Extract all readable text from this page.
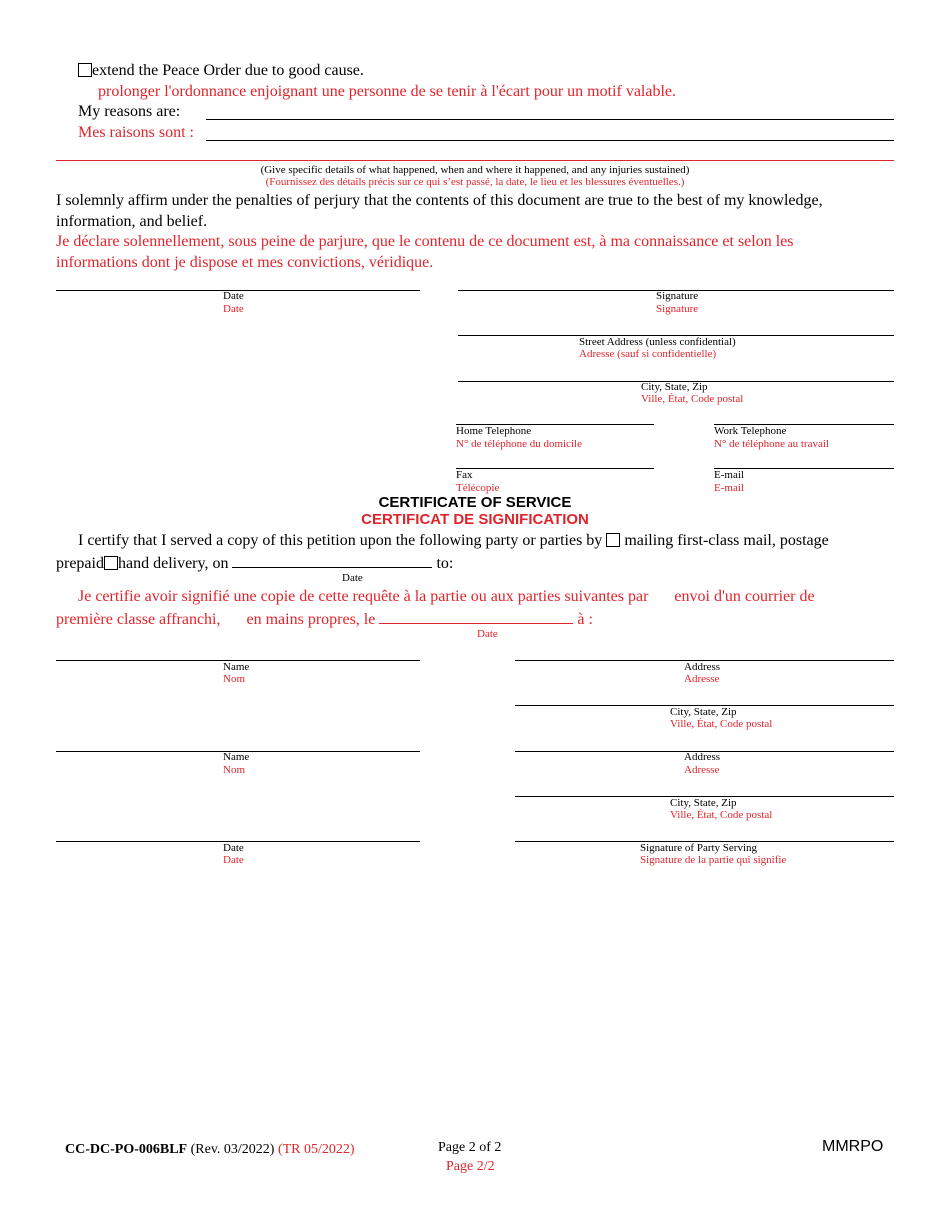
extend the Peace Order due to good cause.
prolonger l'ordonnance enjoignant une personne de se tenir à l'écart pour un motif valable.
My reasons are:
Mes raisons sont :
(Give specific details of what happened, when and where it happened, and any injuries sustained)
(Fournissez des détails précis sur ce qui s’est passé, la date, le lieu et les blessures éventuelles.)
I solemnly affirm under the penalties of perjury that the contents of this document are true to the best of my knowledge,
information, and belief.
Je déclare solennellement, sous peine de parjure, que le contenu de ce document est, à ma connaissance et selon les
informations dont je dispose et mes convictions, véridique.
Date
Date
Signature
Signature
Street Address (unless confidential)
Adresse (sauf si confidentielle)
City, State, Zip
Ville, État, Code postal
Home Telephone
N° de téléphone du domicile
Work Telephone
N° de téléphone au travail
Fax
Télécopie
E-mail
E-mail
CERTIFICATE OF SERVICE
CERTIFICAT DE SIGNIFICATION
I certify that I served a copy of this petition upon the following party or parties by mailing first-class mail, postage
prepaid hand delivery, on	to:
Date
Je certifie avoir signifié une copie de cette requête à la partie ou aux parties suivantes par envoi d'un courrier de
première classe affranchi, en mains propres, le	à :
Date
Name
Nom
Address
Adresse
City, State, Zip
Ville, État, Code postal
Name
Nom
Address
Adresse
City, State, Zip
Ville, État, Code postal
Date
Date
Signature of Party Serving
Signature de la partie qui signifie
CC-DC-PO-006BLF (Rev. 03/2022) (TR 05/2022)	Page 2 of 2
Page 2/2
MMRPO
